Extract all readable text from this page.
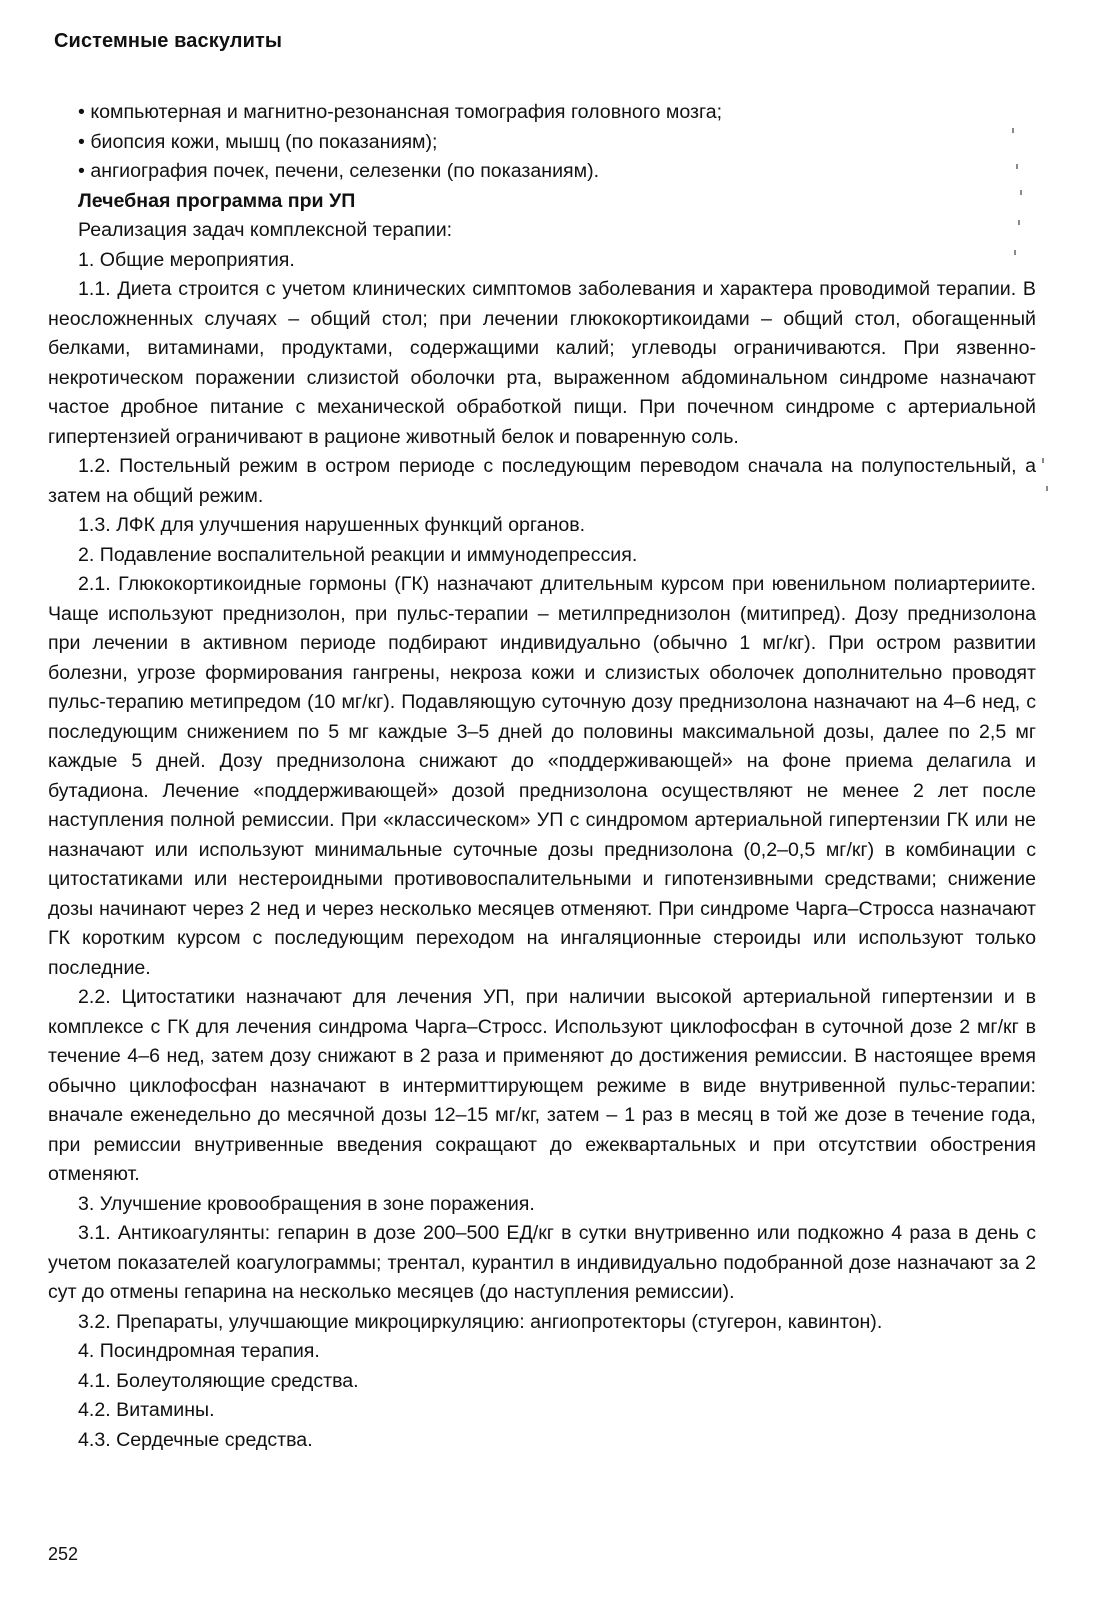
Системные васкулиты
• компьютерная и магнитно-резонансная томография головного мозга;
• биопсия кожи, мышц (по показаниям);
• ангиография почек, печени, селезенки (по показаниям).
Лечебная программа при УП
Реализация задач комплексной терапии:
1. Общие мероприятия.
1.1. Диета строится с учетом клинических симптомов заболевания и характера проводимой терапии. В неосложненных случаях – общий стол; при лечении глюкокортикоидами – общий стол, обогащенный белками, витаминами, продуктами, содержащими калий; углеводы ограничиваются. При язвенно-некротическом поражении слизистой оболочки рта, выраженном абдоминальном синдроме назначают частое дробное питание с механической обработкой пищи. При почечном синдроме с артериальной гипертензией ограничивают в рационе животный белок и поваренную соль.
1.2. Постельный режим в остром периоде с последующим переводом сначала на полупостельный, а затем на общий режим.
1.3. ЛФК для улучшения нарушенных функций органов.
2. Подавление воспалительной реакции и иммунодепрессия.
2.1. Глюкокортикоидные гормоны (ГК) назначают длительным курсом при ювенильном полиартериите. Чаще используют преднизолон, при пульс-терапии – метилпреднизолон (митипред). Дозу преднизолона при лечении в активном периоде подбирают индивидуально (обычно 1 мг/кг). При остром развитии болезни, угрозе формирования гангрены, некроза кожи и слизистых оболочек дополнительно проводят пульс-терапию метипредом (10 мг/кг). Подавляющую суточную дозу преднизолона назначают на 4–6 нед, с последующим снижением по 5 мг каждые 3–5 дней до половины максимальной дозы, далее по 2,5 мг каждые 5 дней. Дозу преднизолона снижают до «поддерживающей» на фоне приема делагила и бутадиона. Лечение «поддерживающей» дозой преднизолона осуществляют не менее 2 лет после наступления полной ремиссии. При «классическом» УП с синдромом артериальной гипертензии ГК или не назначают или используют минимальные суточные дозы преднизолона (0,2–0,5 мг/кг) в комбинации с цитостатиками или нестероидными противовоспалительными и гипотензивными средствами; снижение дозы начинают через 2 нед и через несколько месяцев отменяют. При синдроме Чарга–Стросса назначают ГК коротким курсом с последующим переходом на ингаляционные стероиды или используют только последние.
2.2. Цитостатики назначают для лечения УП, при наличии высокой артериальной гипертензии и в комплексе с ГК для лечения синдрома Чарга–Стросс. Используют циклофосфан в суточной дозе 2 мг/кг в течение 4–6 нед, затем дозу снижают в 2 раза и применяют до достижения ремиссии. В настоящее время обычно циклофосфан назначают в интермиттирующем режиме в виде внутривенной пульс-терапии: вначале еженедельно до месячной дозы 12–15 мг/кг, затем – 1 раз в месяц в той же дозе в течение года, при ремиссии внутривенные введения сокращают до ежеквартальных и при отсутствии обострения отменяют.
3. Улучшение кровообращения в зоне поражения.
3.1. Антикоагулянты: гепарин в дозе 200–500 ЕД/кг в сутки внутривенно или подкожно 4 раза в день с учетом показателей коагулограммы; трентал, курантил в индивидуально подобранной дозе назначают за 2 сут до отмены гепарина на несколько месяцев (до наступления ремиссии).
3.2. Препараты, улучшающие микроциркуляцию: ангиопротекторы (стугерон, кавинтон).
4. Посиндромная терапия.
4.1. Болеутоляющие средства.
4.2. Витамины.
4.3. Сердечные средства.
252
